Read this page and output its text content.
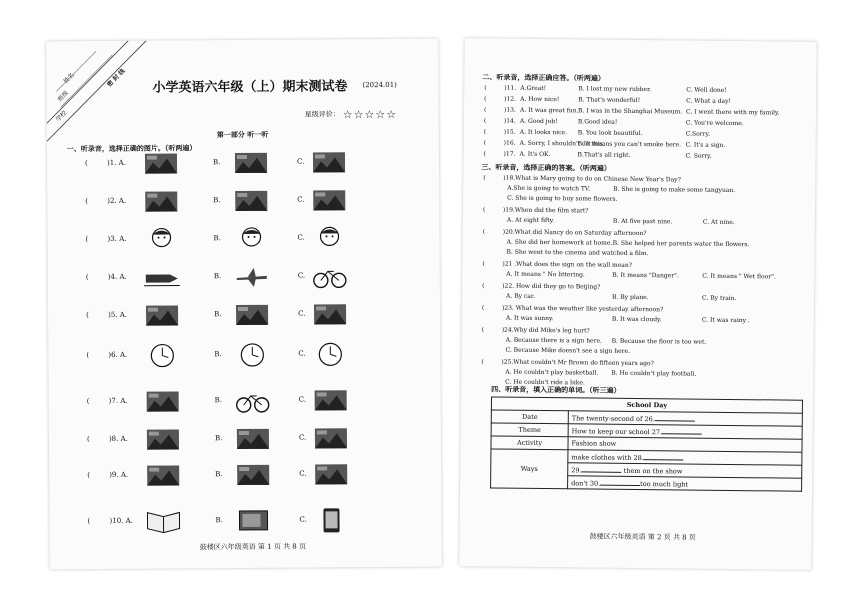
姓名
班级
学校
密 封 线 小学英语六年级（上）期末测试卷 (2024.01)
星级评价： ☆☆☆☆☆
第一部分 听一听
一、听录音，选择正确的图片。（听两遍）
(	)1. A.	B.	C.
(	)2. A.	B.	C.
(	)3. A.	B.	C.
(	)4. A.	B.	C.
(	)5. A.	B.	C.
(	)6. A.	B.	C.
(	)7. A.	B.	C.
(	)8. A.	B.	C.
(	)9. A.	B.	C.
(	)10. A.	B.	C.
鼓楼区六年级英语 第 1 页 共 8 页
二、听录音，选择正确应答。（听两遍）
(	)11. A.Great!	B. I lost my new rubber.	C. Well done!
(	)12. A. How nice!	B. That's wonderful!	C. What a day!
(	)13. A. It was great fun. B. I was in the Shanghai Museum. C. I went there with my family.
(	)14. A. Good job!	B.Good idea!	C. You're welcome.
(	)15. A. It looks nice. B. You look beautiful.	C.Sorry.
(	)16. A. Sorry, I shouldn't do this.
B. It means you can't smoke here. C. It's a sign.
(	)17. A. It's OK.	B.That's all right.	C. Sorry.
三、听录音，选择正确的答案。（听两遍）
(	)18.What is Mary going to do on Chinese New Year's Day?
A.She is going to watch TV.	B. She is going to make some tangyuan.
C. She is going to buy some flowers.
(	)19.When did the film start?
A. At eight fifty.	B. At five past nine.	C. At nine.
(	)20.What did Nancy do on Saturday afternoon?
A. She did her homework at home. B. She helped her parents water the flowers.
B. She went to the cinema and watched a film.
(	)21 .What does the sign on the wall mean?
A. It means " No littering.	B. It means "Danger".	C. It means " Wet floor".
(	)22. How did they go to Beijing?
A. By car.	B. By plane.	C. By train.
(	)23. What was the weather like yesterday afternoon?
A. It was sunny.	B. It was cloudy.	C. It was rainy .
(	)24.Why did Mike's leg hurt?
A. Because there is a sign here. B. Because the floor is too wet.
C. Because Mike doesn't see a sign here.
(	)25.What couldn't Mr Brown do fifteen years ago?
A. He couldn't play basketball. B. He couldn't play football.
C. He couldn't ride a bike.
四、听录音，填入正确的单词。（听三遍）
School Day	
Date	The twenty-second of 26.
Theme	How to keep our school 27.
Activity	Fashion show
Ways	make clothes with 28.
	29. them on the show
	don't 30. too much light
鼓楼区六年级英语 第 2 页 共 8 页
